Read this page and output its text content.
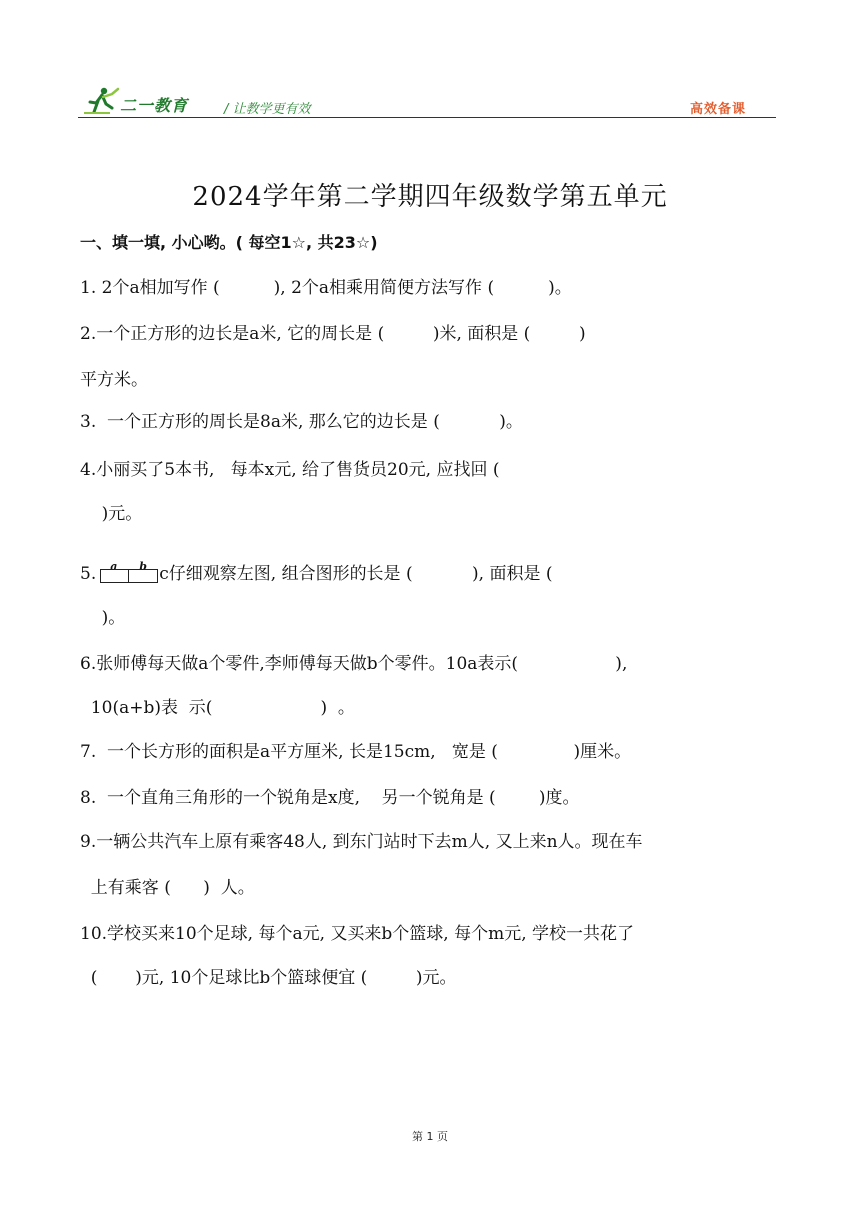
二一教育	/ 让教学更有效	高效备课
2024学年第二学期四年级数学第五单元
一、填一填, 小心哟。( 每空1☆, 共23☆)
1. 2个a相加写作 (          ), 2个a相乘用简便方法写作 (          )。
2.一个正方形的边长是a米, 它的周长是 (         )米, 面积是 (         )
平方米。
3.  一个正方形的周长是8a米, 那么它的边长是 (           )。
4.小丽买了5本书,   每本x元, 给了售货员20元, 应找回 (
)元。
5. a b c仔细观察左图, 组合图形的长是 (           ), 面积是 (
)。
6.张师傅每天做a个零件,李师傅每天做b个零件。10a表示(                  ),
10(a+b)表  示(                    )  。
7.  一个长方形的面积是a平方厘米, 长是15cm,   宽是 (              )厘米。
8.  一个直角三角形的一个锐角是x度,    另一个锐角是 (        )度。
9.一辆公共汽车上原有乘客48人, 到东门站时下去m人, 又上来n人。现在车
上有乘客 (      )  人。
10.学校买来10个足球, 每个a元, 又买来b个篮球, 每个m元, 学校一共花了
(       )元, 10个足球比b个篮球便宜 (         )元。
第 1 页
